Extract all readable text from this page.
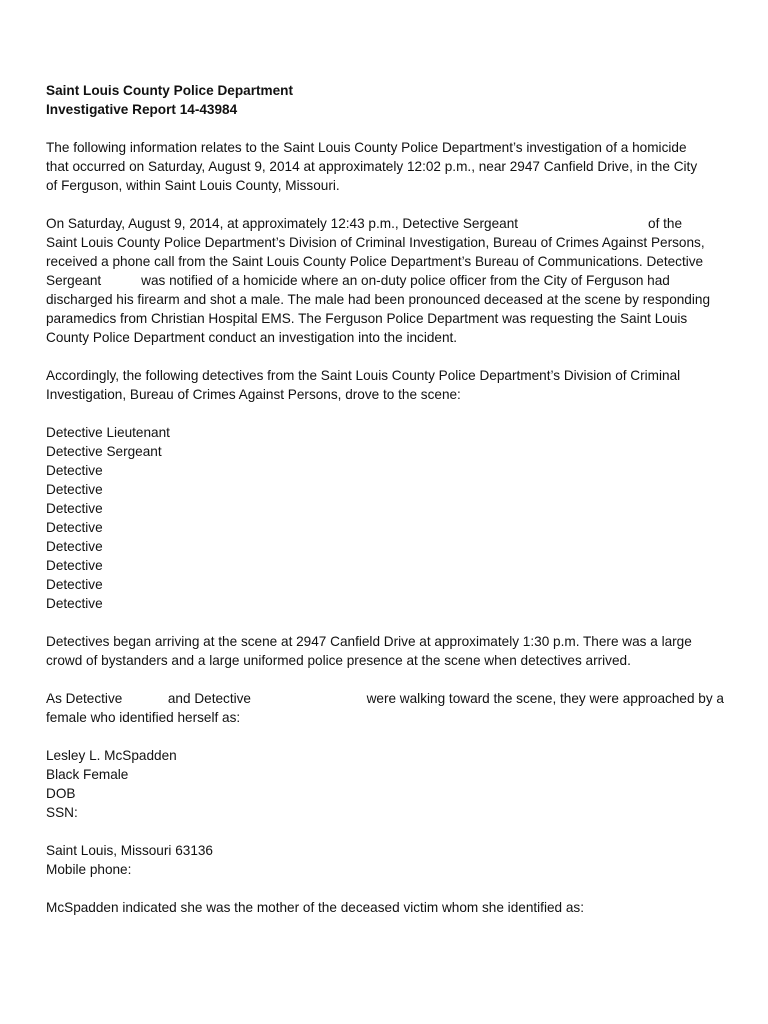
Saint Louis County Police Department
Investigative Report 14-43984

The following information relates to the Saint Louis County Police Department’s investigation of a homicide
that occurred on Saturday, August 9, 2014 at approximately 12:02 p.m., near 2947 Canfield Drive, in the City
of Ferguson, within Saint Louis County, Missouri.

On Saturday, August 9, 2014, at approximately 12:43 p.m., Detective Sergeant	of the
Saint Louis County Police Department’s Division of Criminal Investigation, Bureau of Crimes Against Persons,
received a phone call from the Saint Louis County Police Department’s Bureau of Communications. Detective
Sergeant	was notified of a homicide where an on-duty police officer from the City of Ferguson had
discharged his firearm and shot a male. The male had been pronounced deceased at the scene by responding
paramedics from Christian Hospital EMS. The Ferguson Police Department was requesting the Saint Louis
County Police Department conduct an investigation into the incident.

Accordingly, the following detectives from the Saint Louis County Police Department’s Division of Criminal
Investigation, Bureau of Crimes Against Persons, drove to the scene:

Detective Lieutenant
Detective Sergeant
Detective
Detective
Detective
Detective
Detective
Detective
Detective
Detective

Detectives began arriving at the scene at 2947 Canfield Drive at approximately 1:30 p.m. There was a large
crowd of bystanders and a large uniformed police presence at the scene when detectives arrived.

As Detective	and Detective	were walking toward the scene, they were approached by a
female who identified herself as:

Lesley L. McSpadden
Black Female
DOB
SSN:
Saint Louis, Missouri 63136
Mobile phone:

McSpadden indicated she was the mother of the deceased victim whom she identified as:
